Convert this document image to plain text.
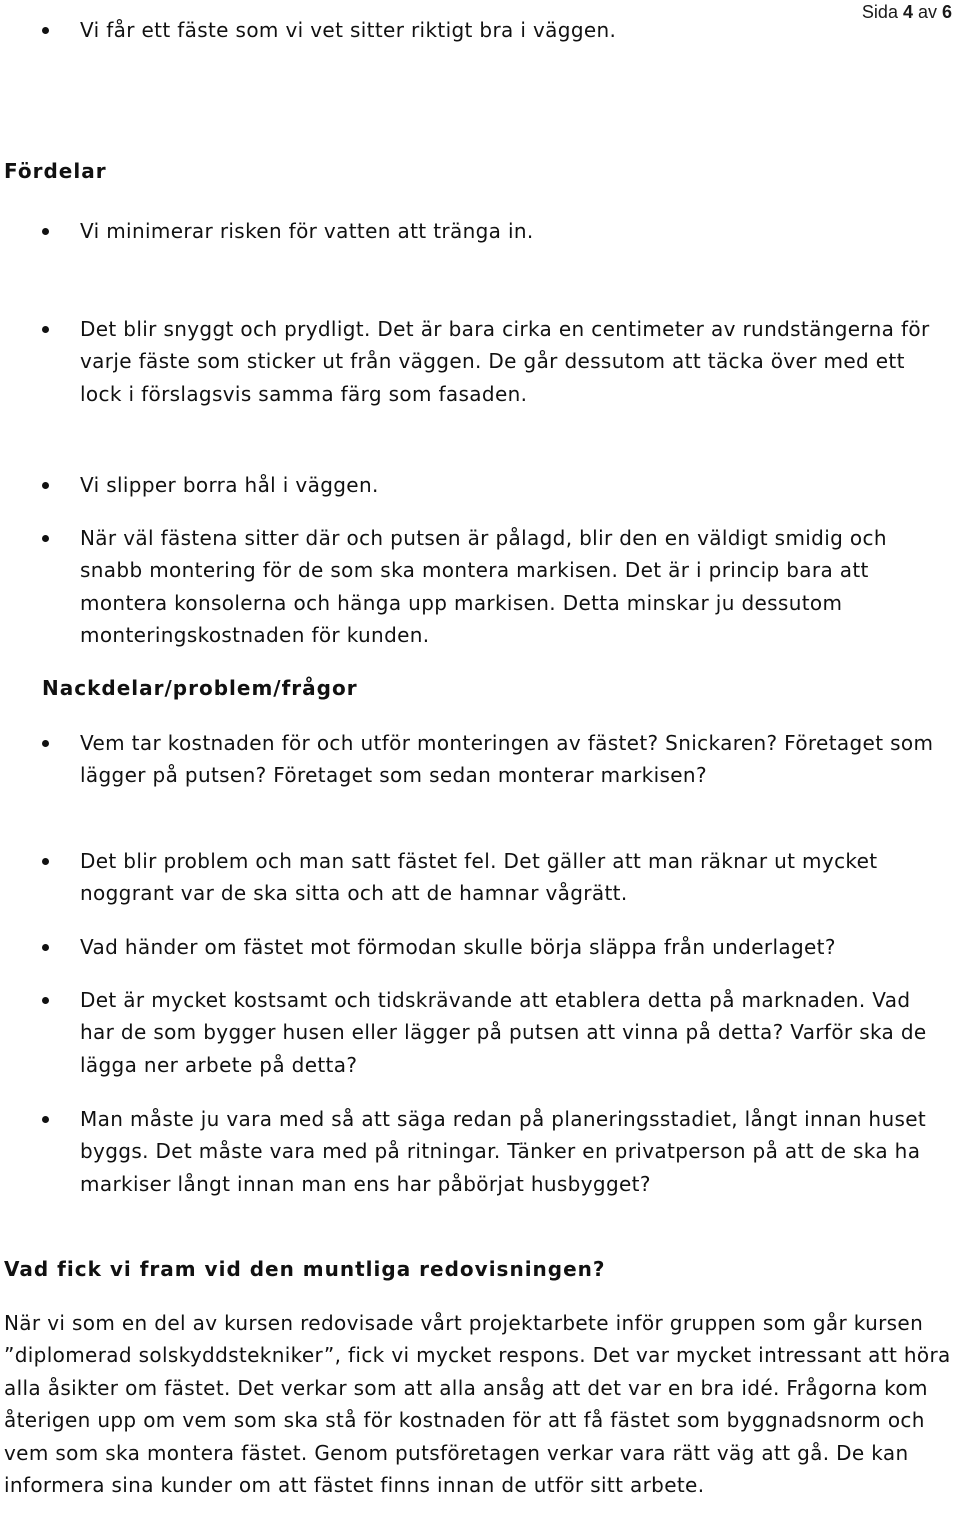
Sida 4 av 6
Fördelar
Vi får ett fäste som vi vet sitter riktigt bra i väggen.
Vi minimerar risken för vatten att tränga in.
Det blir snyggt och prydligt. Det är bara cirka en centimeter av rundstängerna för varje fäste som sticker ut från väggen. De går dessutom att täcka över med ett lock i förslagsvis samma färg som fasaden.
Vi slipper borra hål i väggen.
När väl fästena sitter där och putsen är pålagd, blir den en väldigt smidig och snabb montering för de som ska montera markisen. Det är i princip bara att montera konsolerna och hänga upp markisen. Detta minskar ju dessutom monteringskostnaden för kunden.
Nackdelar/problem/frågor
Vem tar kostnaden för och utför monteringen av fästet? Snickaren? Företaget som lägger på putsen? Företaget som sedan monterar markisen?
Det blir problem och man satt fästet fel. Det gäller att man räknar ut mycket noggrant var de ska sitta och att de hamnar vågrätt.
Vad händer om fästet mot förmodan skulle börja släppa från underlaget?
Det är mycket kostsamt och tidskrävande att etablera detta på marknaden. Vad har de som bygger husen eller lägger på putsen att vinna på detta? Varför ska de lägga ner arbete på detta?
Man måste ju vara med så att säga redan på planeringsstadiet, långt innan huset byggs. Det måste vara med på ritningar. Tänker en privatperson på att de ska ha markiser långt innan man ens har påbörjat husbygget?
Vad fick vi fram vid den muntliga redovisningen?

När vi som en del av kursen redovisade vårt projektarbete inför gruppen som går kursen ”diplomerad solskyddstekniker”, fick vi mycket respons. Det var mycket intressant att höra alla åsikter om fästet. Det verkar som att alla ansåg att det var en bra idé. Frågorna kom återigen upp om vem som ska stå för kostnaden för att få fästet som byggnadsnorm och vem som ska montera fästet. Genom putsföretagen verkar vara rätt väg att gå. De kan informera sina kunder om att fästet finns innan de utför sitt arbete.
